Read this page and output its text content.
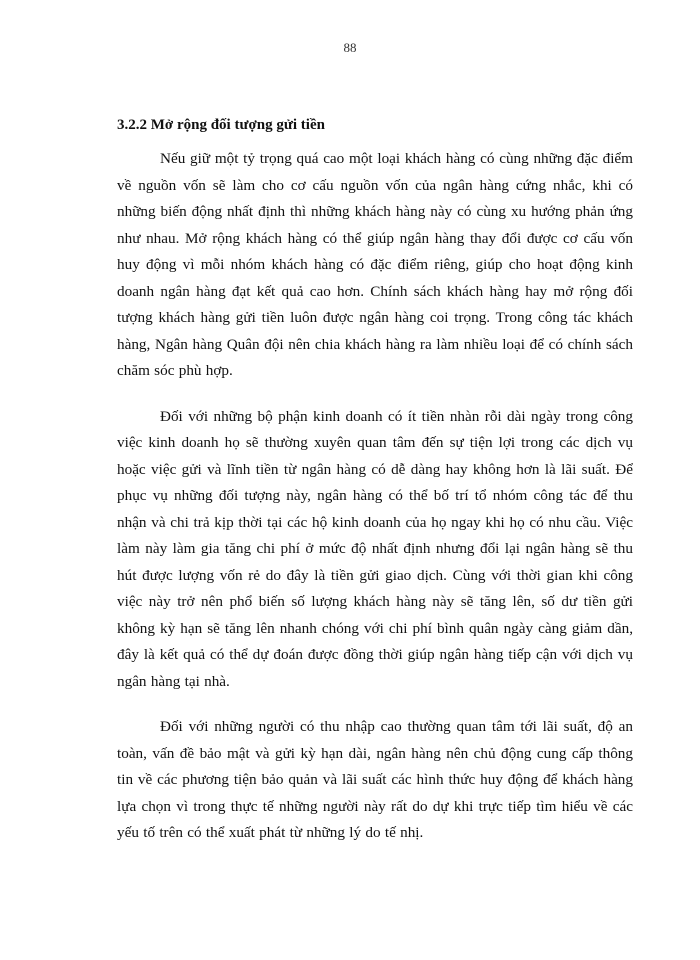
88
3.2.2 Mở rộng đối tượng gửi tiền

Nếu giữ một tỷ trọng quá cao một loại khách hàng có cùng những đặc điểm về nguồn vốn sẽ làm cho cơ cấu nguồn vốn của ngân hàng cứng nhắc, khi có những biến động nhất định thì những khách hàng này có cùng xu hướng phản ứng như nhau. Mở rộng khách hàng có thể giúp ngân hàng thay đổi được cơ cấu vốn huy động vì mỗi nhóm khách hàng có đặc điểm riêng, giúp cho hoạt động kinh doanh ngân hàng đạt kết quả cao hơn. Chính sách khách hàng hay mở rộng đối tượng khách hàng gửi tiền luôn được ngân hàng coi trọng. Trong công tác khách hàng, Ngân hàng Quân đội nên chia khách hàng ra làm nhiều loại để có chính sách chăm sóc phù hợp.

Đối với những bộ phận kinh doanh có ít tiền nhàn rỗi dài ngày trong công việc kinh doanh họ sẽ thường xuyên quan tâm đến sự tiện lợi trong các dịch vụ hoặc việc gửi và lĩnh tiền từ ngân hàng có dễ dàng hay không hơn là lãi suất. Để phục vụ những đối tượng này, ngân hàng có thể bố trí tổ nhóm công tác để thu nhận và chi trả kịp thời tại các hộ kinh doanh của họ ngay khi họ có nhu cầu. Việc làm này làm gia tăng chi phí ở mức độ nhất định nhưng đổi lại ngân hàng sẽ thu hút được lượng vốn rẻ do đây là tiền gửi giao dịch. Cùng với thời gian khi công việc này trở nên phổ biến số lượng khách hàng này sẽ tăng lên, số dư tiền gửi không kỳ hạn sẽ tăng lên nhanh chóng với chi phí bình quân ngày càng giảm dần, đây là kết quả có thể dự đoán được đồng thời giúp ngân hàng tiếp cận với dịch vụ ngân hàng tại nhà.

Đối với những người có thu nhập cao thường quan tâm tới lãi suất, độ an toàn, vấn đề bảo mật và gửi kỳ hạn dài, ngân hàng nên chủ động cung cấp thông tin về các phương tiện bảo quản và lãi suất các hình thức huy động để khách hàng lựa chọn vì trong thực tế những người này rất do dự khi trực tiếp tìm hiểu về các yếu tố trên có thể xuất phát từ những lý do tế nhị.
